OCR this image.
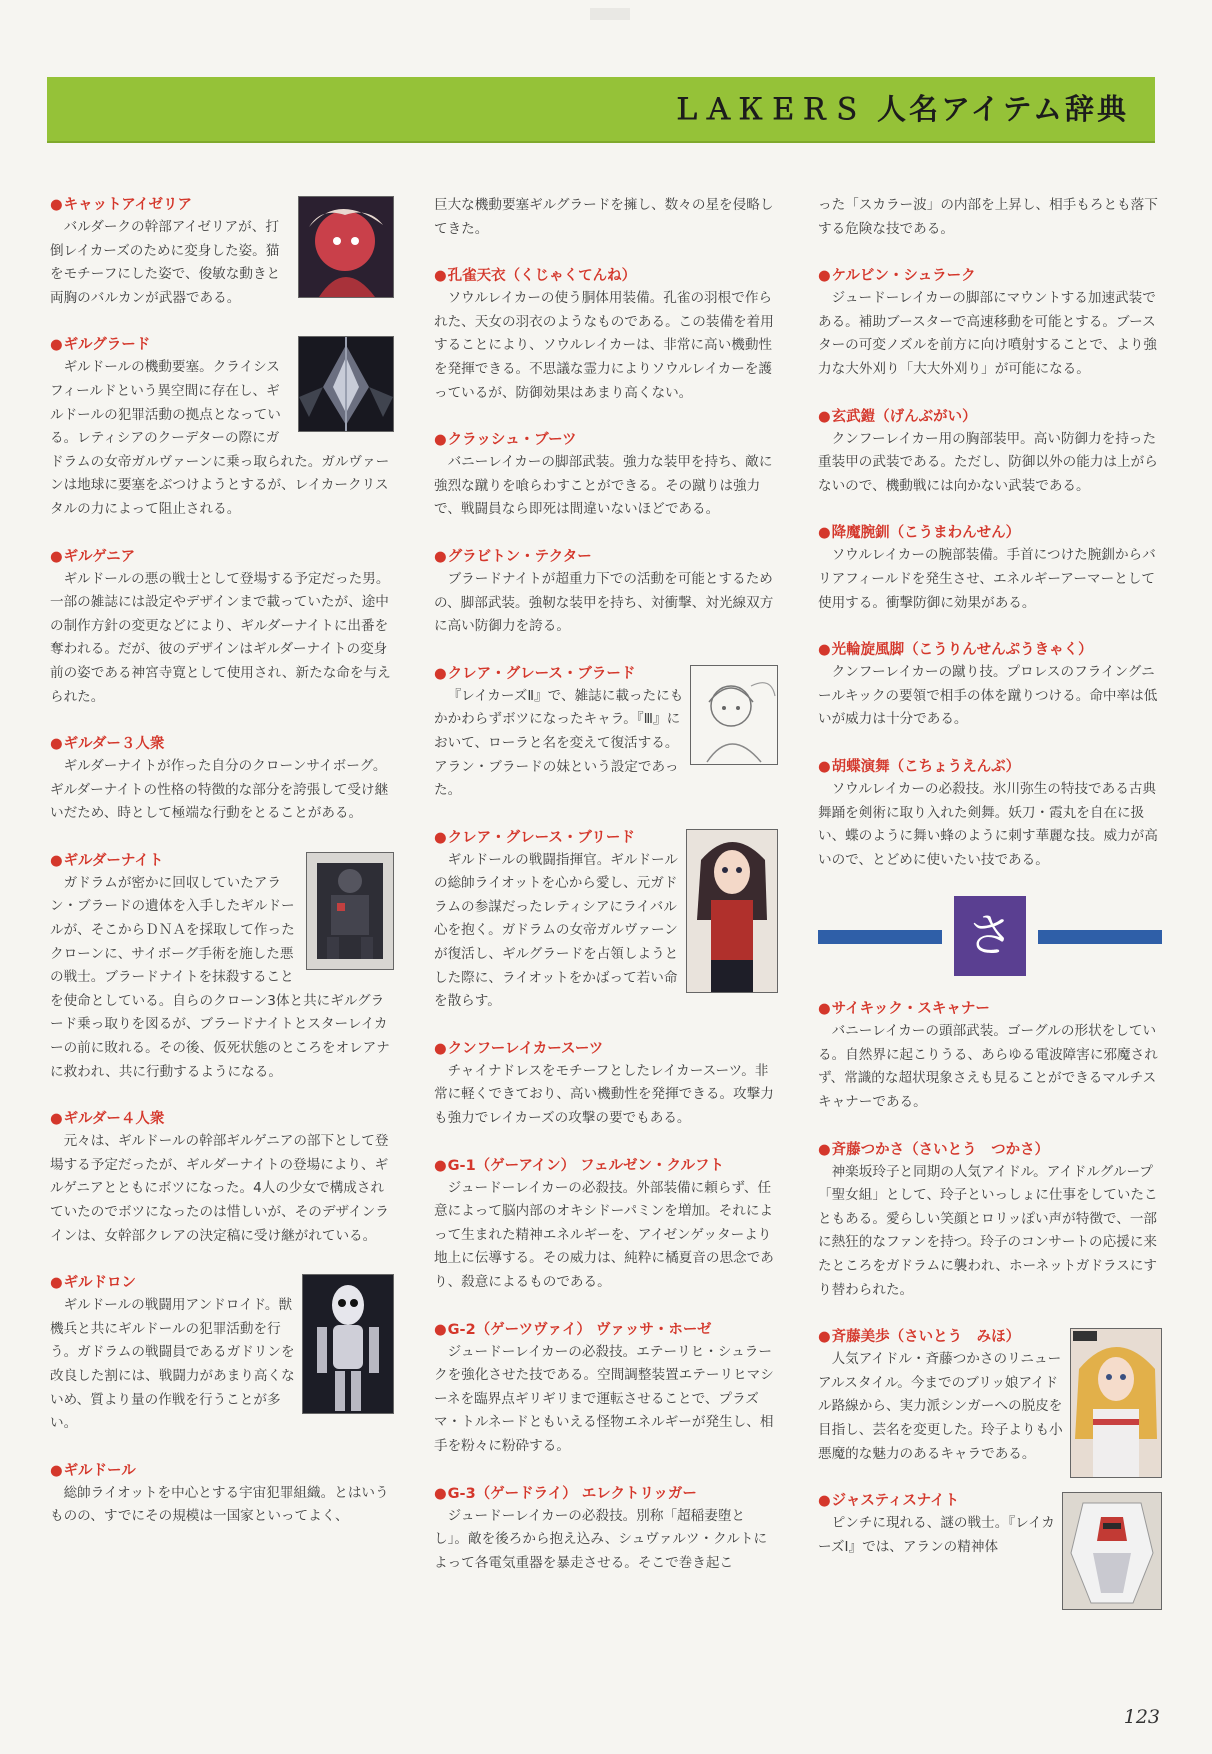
ＬＡＫＥＲＳ 人名アイテム辞典

●キャットアイゼリア

バルダークの幹部アイゼリアが、打倒レイカーズのために変身した姿。猫をモチーフにした姿で、俊敏な動きと両胸のバルカンが武器である。

●ギルグラード

ギルドールの機動要塞。クライシスフィールドという異空間に存在し、ギルドールの犯罪活動の拠点となっている。レティシアのクーデターの際にガドラムの女帝ガルヴァーンに乗っ取られた。ガルヴァーンは地球に要塞をぶつけようとするが、レイカークリスタルの力によって阻止される。

●ギルゲニア

ギルドールの悪の戦士として登場する予定だった男。一部の雑誌には設定やデザインまで載っていたが、途中の制作方針の変更などにより、ギルダーナイトに出番を奪われる。だが、彼のデザインはギルダーナイトの変身前の姿である神宮寺寛として使用され、新たな命を与えられた。

●ギルダー３人衆

ギルダーナイトが作った自分のクローンサイボーグ。ギルダーナイトの性格の特徴的な部分を誇張して受け継いだため、時として極端な行動をとることがある。

●ギルダーナイト

ガドラムが密かに回収していたアラン・ブラードの遺体を入手したギルドールが、そこからＤＮＡを採取して作ったクローンに、サイボーグ手術を施した悪の戦士。ブラードナイトを抹殺することを使命としている。自らのクローン3体と共にギルグラード乗っ取りを図るが、ブラードナイトとスターレイカーの前に敗れる。その後、仮死状態のところをオレアナに救われ、共に行動するようになる。

●ギルダー４人衆

元々は、ギルドールの幹部ギルゲニアの部下として登場する予定だったが、ギルダーナイトの登場により、ギルゲニアとともにボツになった。4人の少女で構成されていたのでボツになったのは惜しいが、そのデザインラインは、女幹部クレアの決定稿に受け継がれている。

●ギルドロン

ギルドールの戦闘用アンドロイド。獣機兵と共にギルドールの犯罪活動を行う。ガドラムの戦闘員であるガドリンを改良した割には、戦闘力があまり高くないめ、質より量の作戦を行うことが多い。

●ギルドール

総帥ライオットを中心とする宇宙犯罪組織。とはいうものの、すでにその規模は一国家といってよく、

巨大な機動要塞ギルグラードを擁し、数々の星を侵略してきた。

●孔雀天衣（くじゃくてんね）

ソウルレイカーの使う胴体用装備。孔雀の羽根で作られた、天女の羽衣のようなものである。この装備を着用することにより、ソウルレイカーは、非常に高い機動性を発揮できる。不思議な霊力によりソウルレイカーを護っているが、防御効果はあまり高くない。

●クラッシュ・ブーツ

バニーレイカーの脚部武装。強力な装甲を持ち、敵に強烈な蹴りを喰らわすことができる。その蹴りは強力で、戦闘員なら即死は間違いないほどである。

●グラビトン・テクター

ブラードナイトが超重力下での活動を可能とするための、脚部武装。強靭な装甲を持ち、対衝撃、対光線双方に高い防御力を誇る。

●クレア・グレース・ブラード

『レイカーズⅡ』で、雑誌に載ったにもかかわらずボツになったキャラ。『Ⅲ』において、ローラと名を変えて復活する。アラン・ブラードの妹という設定であった。

●クレア・グレース・ブリード

ギルドールの戦闘指揮官。ギルドールの総帥ライオットを心から愛し、元ガドラムの参謀だったレティシアにライバル心を抱く。ガドラムの女帝ガルヴァーンが復活し、ギルグラードを占領しようとした際に、ライオットをかばって若い命を散らす。

●クンフーレイカースーツ

チャイナドレスをモチーフとしたレイカースーツ。非常に軽くできており、高い機動性を発揮できる。攻撃力も強力でレイカーズの攻撃の要でもある。

●G-1（ゲーアイン） フェルゼン・クルフト

ジュードーレイカーの必殺技。外部装備に頼らず、任意によって脳内部のオキシドーパミンを増加。それによって生まれた精神エネルギーを、アイゼンゲッターより地上に伝導する。その威力は、純粋に橘夏音の思念であり、殺意によるものである。

●G-2（ゲーツヴァイ） ヴァッサ・ホーゼ

ジュードーレイカーの必殺技。エテーリヒ・シュラークを強化させた技である。空間調整装置エテーリヒマシーネを臨界点ギリギリまで運転させることで、プラズマ・トルネードともいえる怪物エネルギーが発生し、相手を粉々に粉砕する。

●G-3（ゲードライ） エレクトリッガー

ジュードーレイカーの必殺技。別称「超稲妻堕とし」。敵を後ろから抱え込み、シュヴァルツ・クルトによって各電気重器を暴走させる。そこで巻き起こ

った「スカラー波」の内部を上昇し、相手もろとも落下する危険な技である。

●ケルビン・シュラーク

ジュードーレイカーの脚部にマウントする加速武装である。補助ブースターで高速移動を可能とする。ブースターの可変ノズルを前方に向け噴射することで、より強力な大外刈り「大大外刈り」が可能になる。

●玄武鎧（げんぶがい）

クンフーレイカー用の胸部装甲。高い防御力を持った重装甲の武装である。ただし、防御以外の能力は上がらないので、機動戦には向かない武装である。

●降魔腕釧（こうまわんせん）

ソウルレイカーの腕部装備。手首につけた腕釧からバリアフィールドを発生させ、エネルギーアーマーとして使用する。衝撃防御に効果がある。

●光輪旋風脚（こうりんせんぷうきゃく）

クンフーレイカーの蹴り技。プロレスのフライングニールキックの要領で相手の体を蹴りつける。命中率は低いが威力は十分である。

●胡蝶演舞（こちょうえんぶ）

ソウルレイカーの必殺技。氷川弥生の特技である古典舞踊を剣術に取り入れた剣舞。妖刀・霞丸を自在に扱い、蝶のように舞い蜂のように刺す華麗な技。威力が高いので、とどめに使いたい技である。

さ

●サイキック・スキャナー

バニーレイカーの頭部武装。ゴーグルの形状をしている。自然界に起こりうる、あらゆる電波障害に邪魔されず、常識的な超状現象さえも見ることができるマルチスキャナーである。

●斉藤つかさ（さいとう　つかさ）

神楽坂玲子と同期の人気アイドル。アイドルグループ「聖女組」として、玲子といっしょに仕事をしていたこともある。愛らしい笑顔とロリッぽい声が特徴で、一部に熱狂的なファンを持つ。玲子のコンサートの応援に来たところをガドラムに襲われ、ホーネットガドラスにすり替わられた。

●斉藤美歩（さいとう　みほ）

人気アイドル・斉藤つかさのリニューアルスタイル。今までのブリッ娘アイドル路線から、実力派シンガーへの脱皮を目指し、芸名を変更した。玲子よりも小悪魔的な魅力のあるキャラである。

●ジャスティスナイト

ピンチに現れる、謎の戦士。『レイカーズⅠ』では、アランの精神体

123
